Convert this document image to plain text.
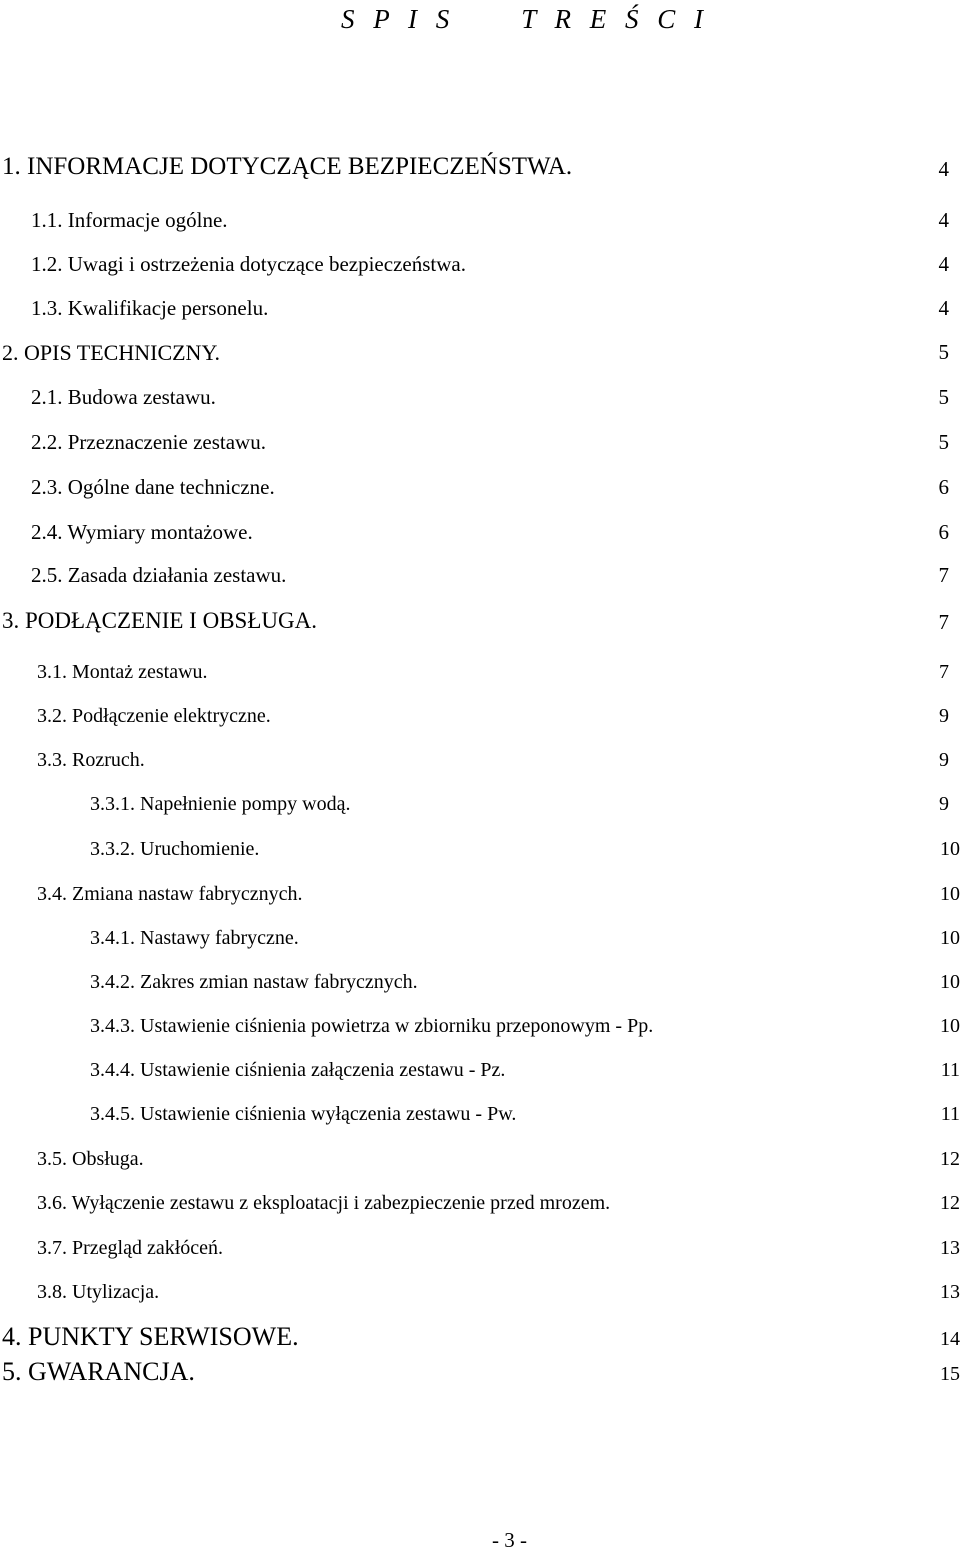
S P I S    T R E Ś C I
1. INFORMACJE DOTYCZĄCE BEZPIECZEŃSTWA.	4
1.1. Informacje ogólne.	4
1.2. Uwagi i ostrzeżenia dotyczące bezpieczeństwa.	4
1.3. Kwalifikacje personelu.	4
2. OPIS TECHNICZNY.	5
2.1. Budowa zestawu.	5
2.2. Przeznaczenie zestawu.	5
2.3. Ogólne dane techniczne.	6
2.4. Wymiary montażowe.	6
2.5. Zasada działania zestawu.	7
3. PODŁĄCZENIE I OBSŁUGA.	7
3.1. Montaż zestawu.	7
3.2. Podłączenie elektryczne.	9
3.3. Rozruch.	9
3.3.1. Napełnienie pompy wodą.	9
3.3.2. Uruchomienie.	10
3.4. Zmiana nastaw fabrycznych.	10
3.4.1. Nastawy fabryczne.	10
3.4.2. Zakres zmian nastaw fabrycznych.	10
3.4.3. Ustawienie ciśnienia powietrza w zbiorniku przeponowym - Pp.	10
3.4.4. Ustawienie ciśnienia załączenia zestawu - Pz.	11
3.4.5. Ustawienie ciśnienia wyłączenia zestawu - Pw.	11
3.5. Obsługa.	12
3.6. Wyłączenie zestawu z eksploatacji i zabezpieczenie przed mrozem.	12
3.7. Przegląd zakłóceń.	13
3.8. Utylizacja.	13
4. PUNKTY SERWISOWE.	14
5. GWARANCJA.	15
- 3 -
